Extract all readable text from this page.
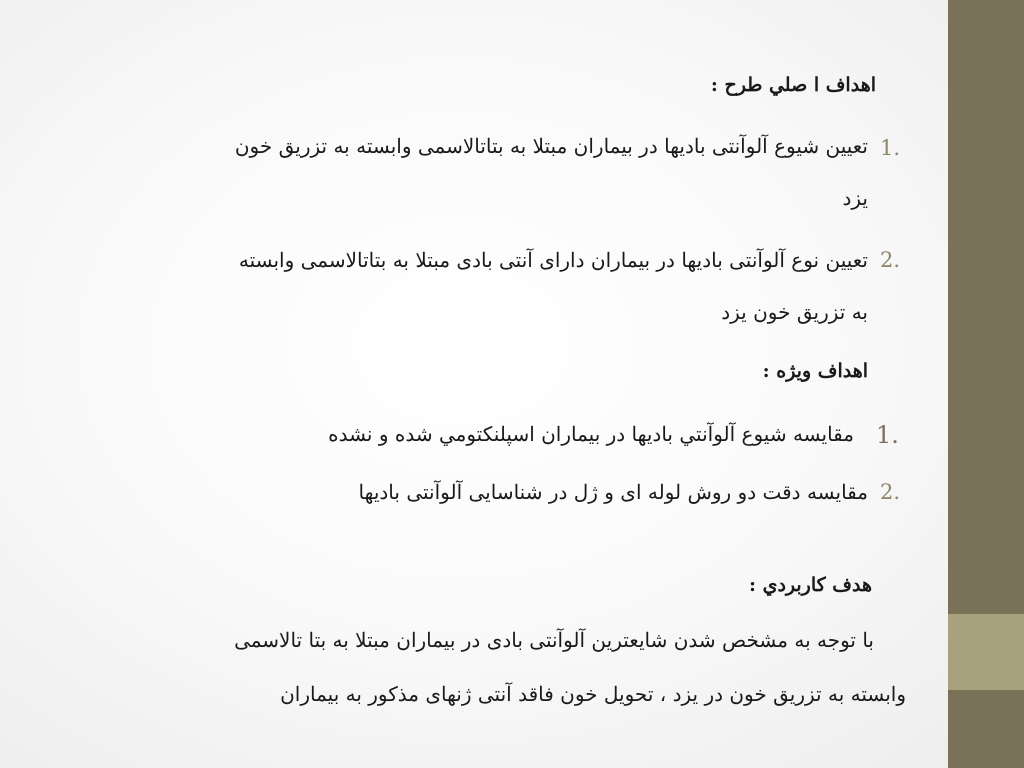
اهداف ا صلي طرح :
تعیین شیوع آلوآنتی بادیها در بیماران مبتلا به بتاتالاسمی وابسته به تزریق خون
یزد
1.
تعیین نوع آلوآنتی بادیها در بیماران دارای آنتی بادی مبتلا به بتاتالاسمی وابسته
به تزریق خون یزد
2.
اهداف ويژه :
مقايسه شيوع آلوآنتي باديها در بيماران اسپلنكتومي شده و نشده 1.
مقایسه دقت دو روش لوله ای و ژل در شناسایی آلوآنتی بادیها 2.
هدف كاربردي :
با توجه به مشخص شدن شایعترین آلوآنتی بادی در بیماران مبتلا به بتا تالاسمی
وابسته به تزریق خون در یزد ، تحویل خون فاقد آنتی ژنهای مذکور به بیماران
